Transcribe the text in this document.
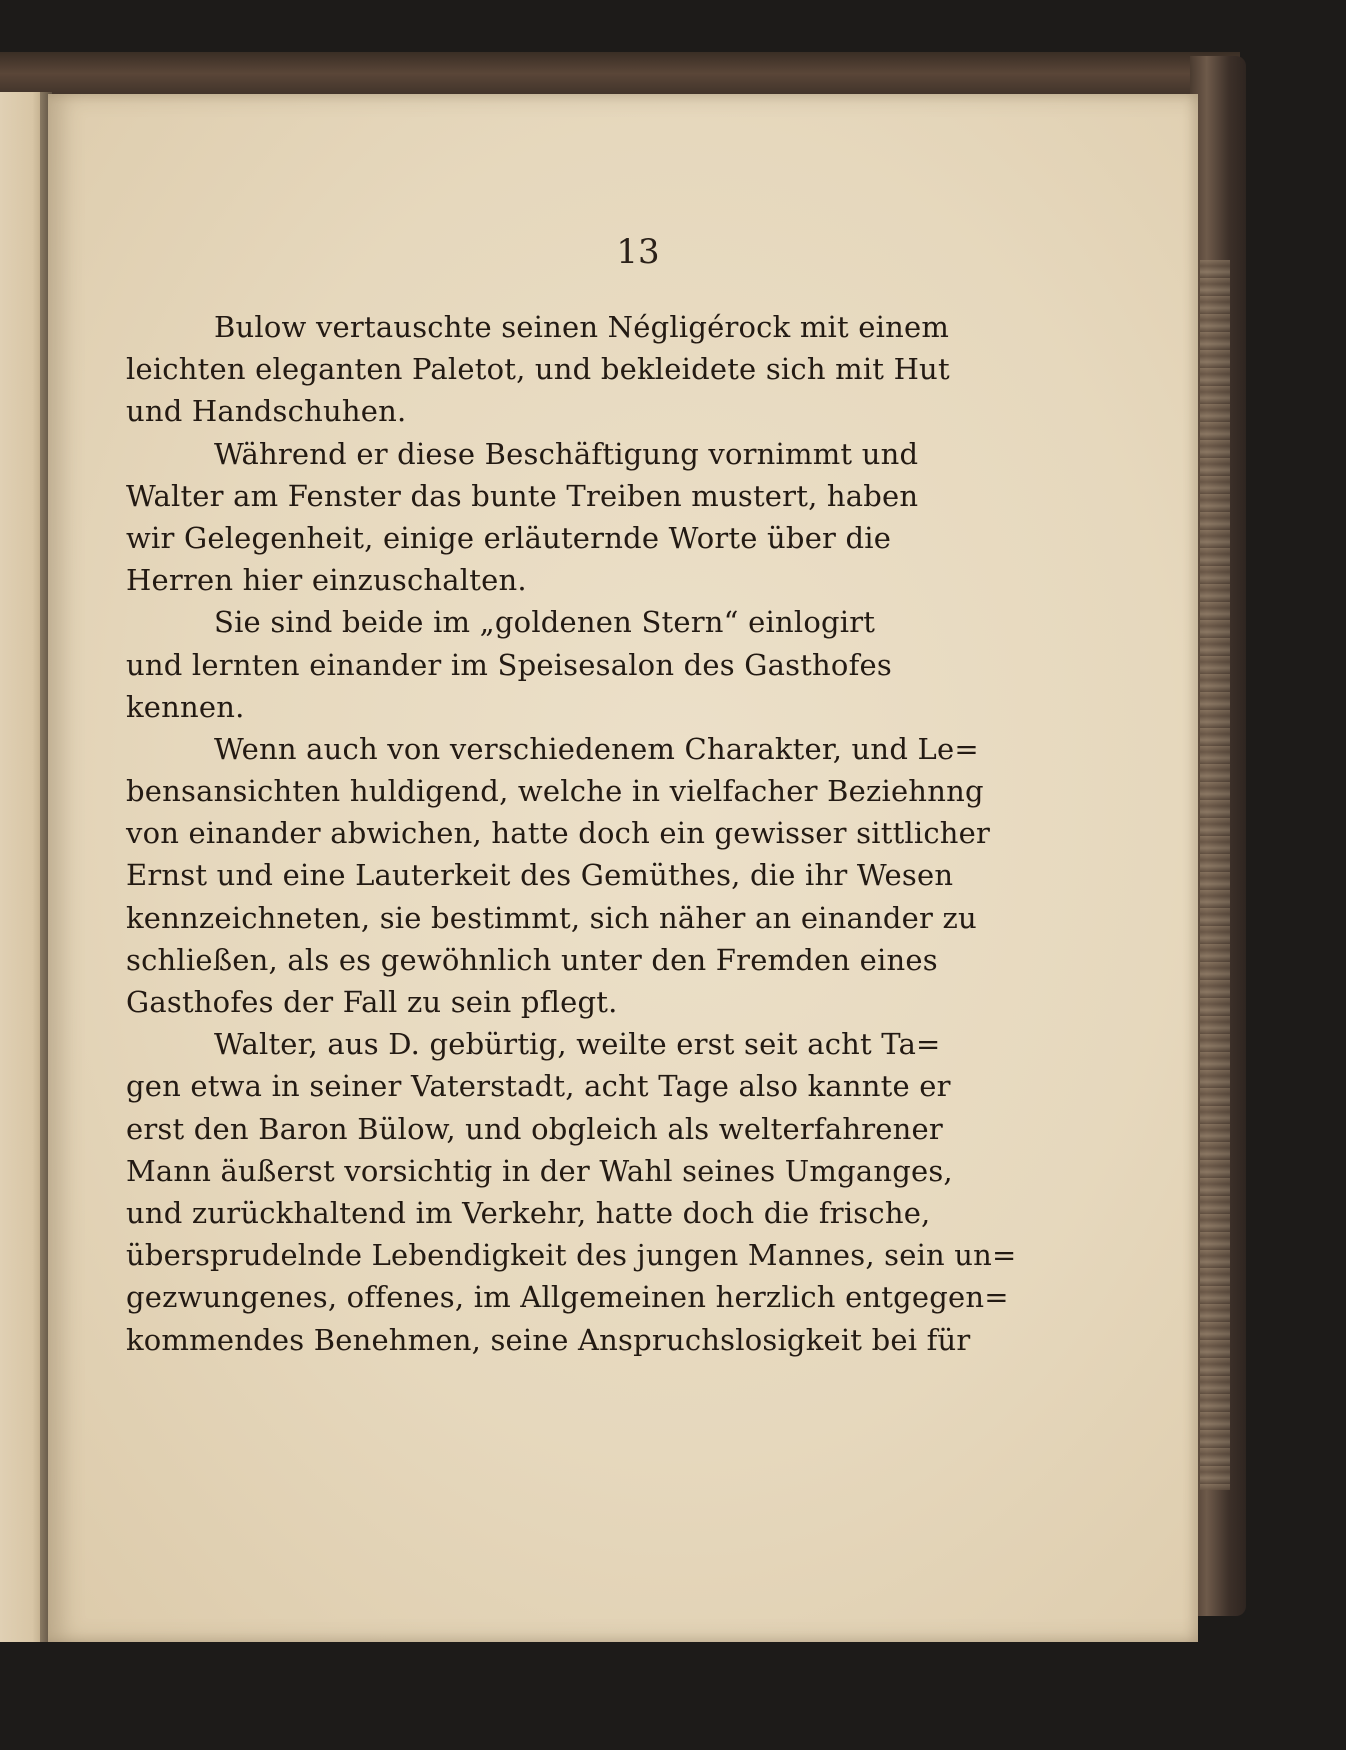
13
Bulow vertauschte seinen Négligérock mit einem
leichten eleganten Paletot, und bekleidete sich mit Hut
und Handschuhen.
Während er diese Beschäftigung vornimmt und
Walter am Fenster das bunte Treiben mustert, haben
wir Gelegenheit, einige erläuternde Worte über die
Herren hier einzuschalten.
Sie sind beide im „goldenen Stern“ einlogirt
und lernten einander im Speisesalon des Gasthofes
kennen.
Wenn auch von verschiedenem Charakter, und Le=
bensansichten huldigend, welche in vielfacher Beziehnng
von einander abwichen, hatte doch ein gewisser sittlicher
Ernst und eine Lauterkeit des Gemüthes, die ihr Wesen
kennzeichneten, sie bestimmt, sich näher an einander zu
schließen, als es gewöhnlich unter den Fremden eines
Gasthofes der Fall zu sein pflegt.
Walter, aus D. gebürtig, weilte erst seit acht Ta=
gen etwa in seiner Vaterstadt, acht Tage also kannte er
erst den Baron Bülow, und obgleich als welterfahrener
Mann äußerst vorsichtig in der Wahl seines Umganges,
und zurückhaltend im Verkehr, hatte doch die frische,
übersprudelnde Lebendigkeit des jungen Mannes, sein un=
gezwungenes, offenes, im Allgemeinen herzlich entgegen=
kommendes Benehmen, seine Anspruchslosigkeit bei für
